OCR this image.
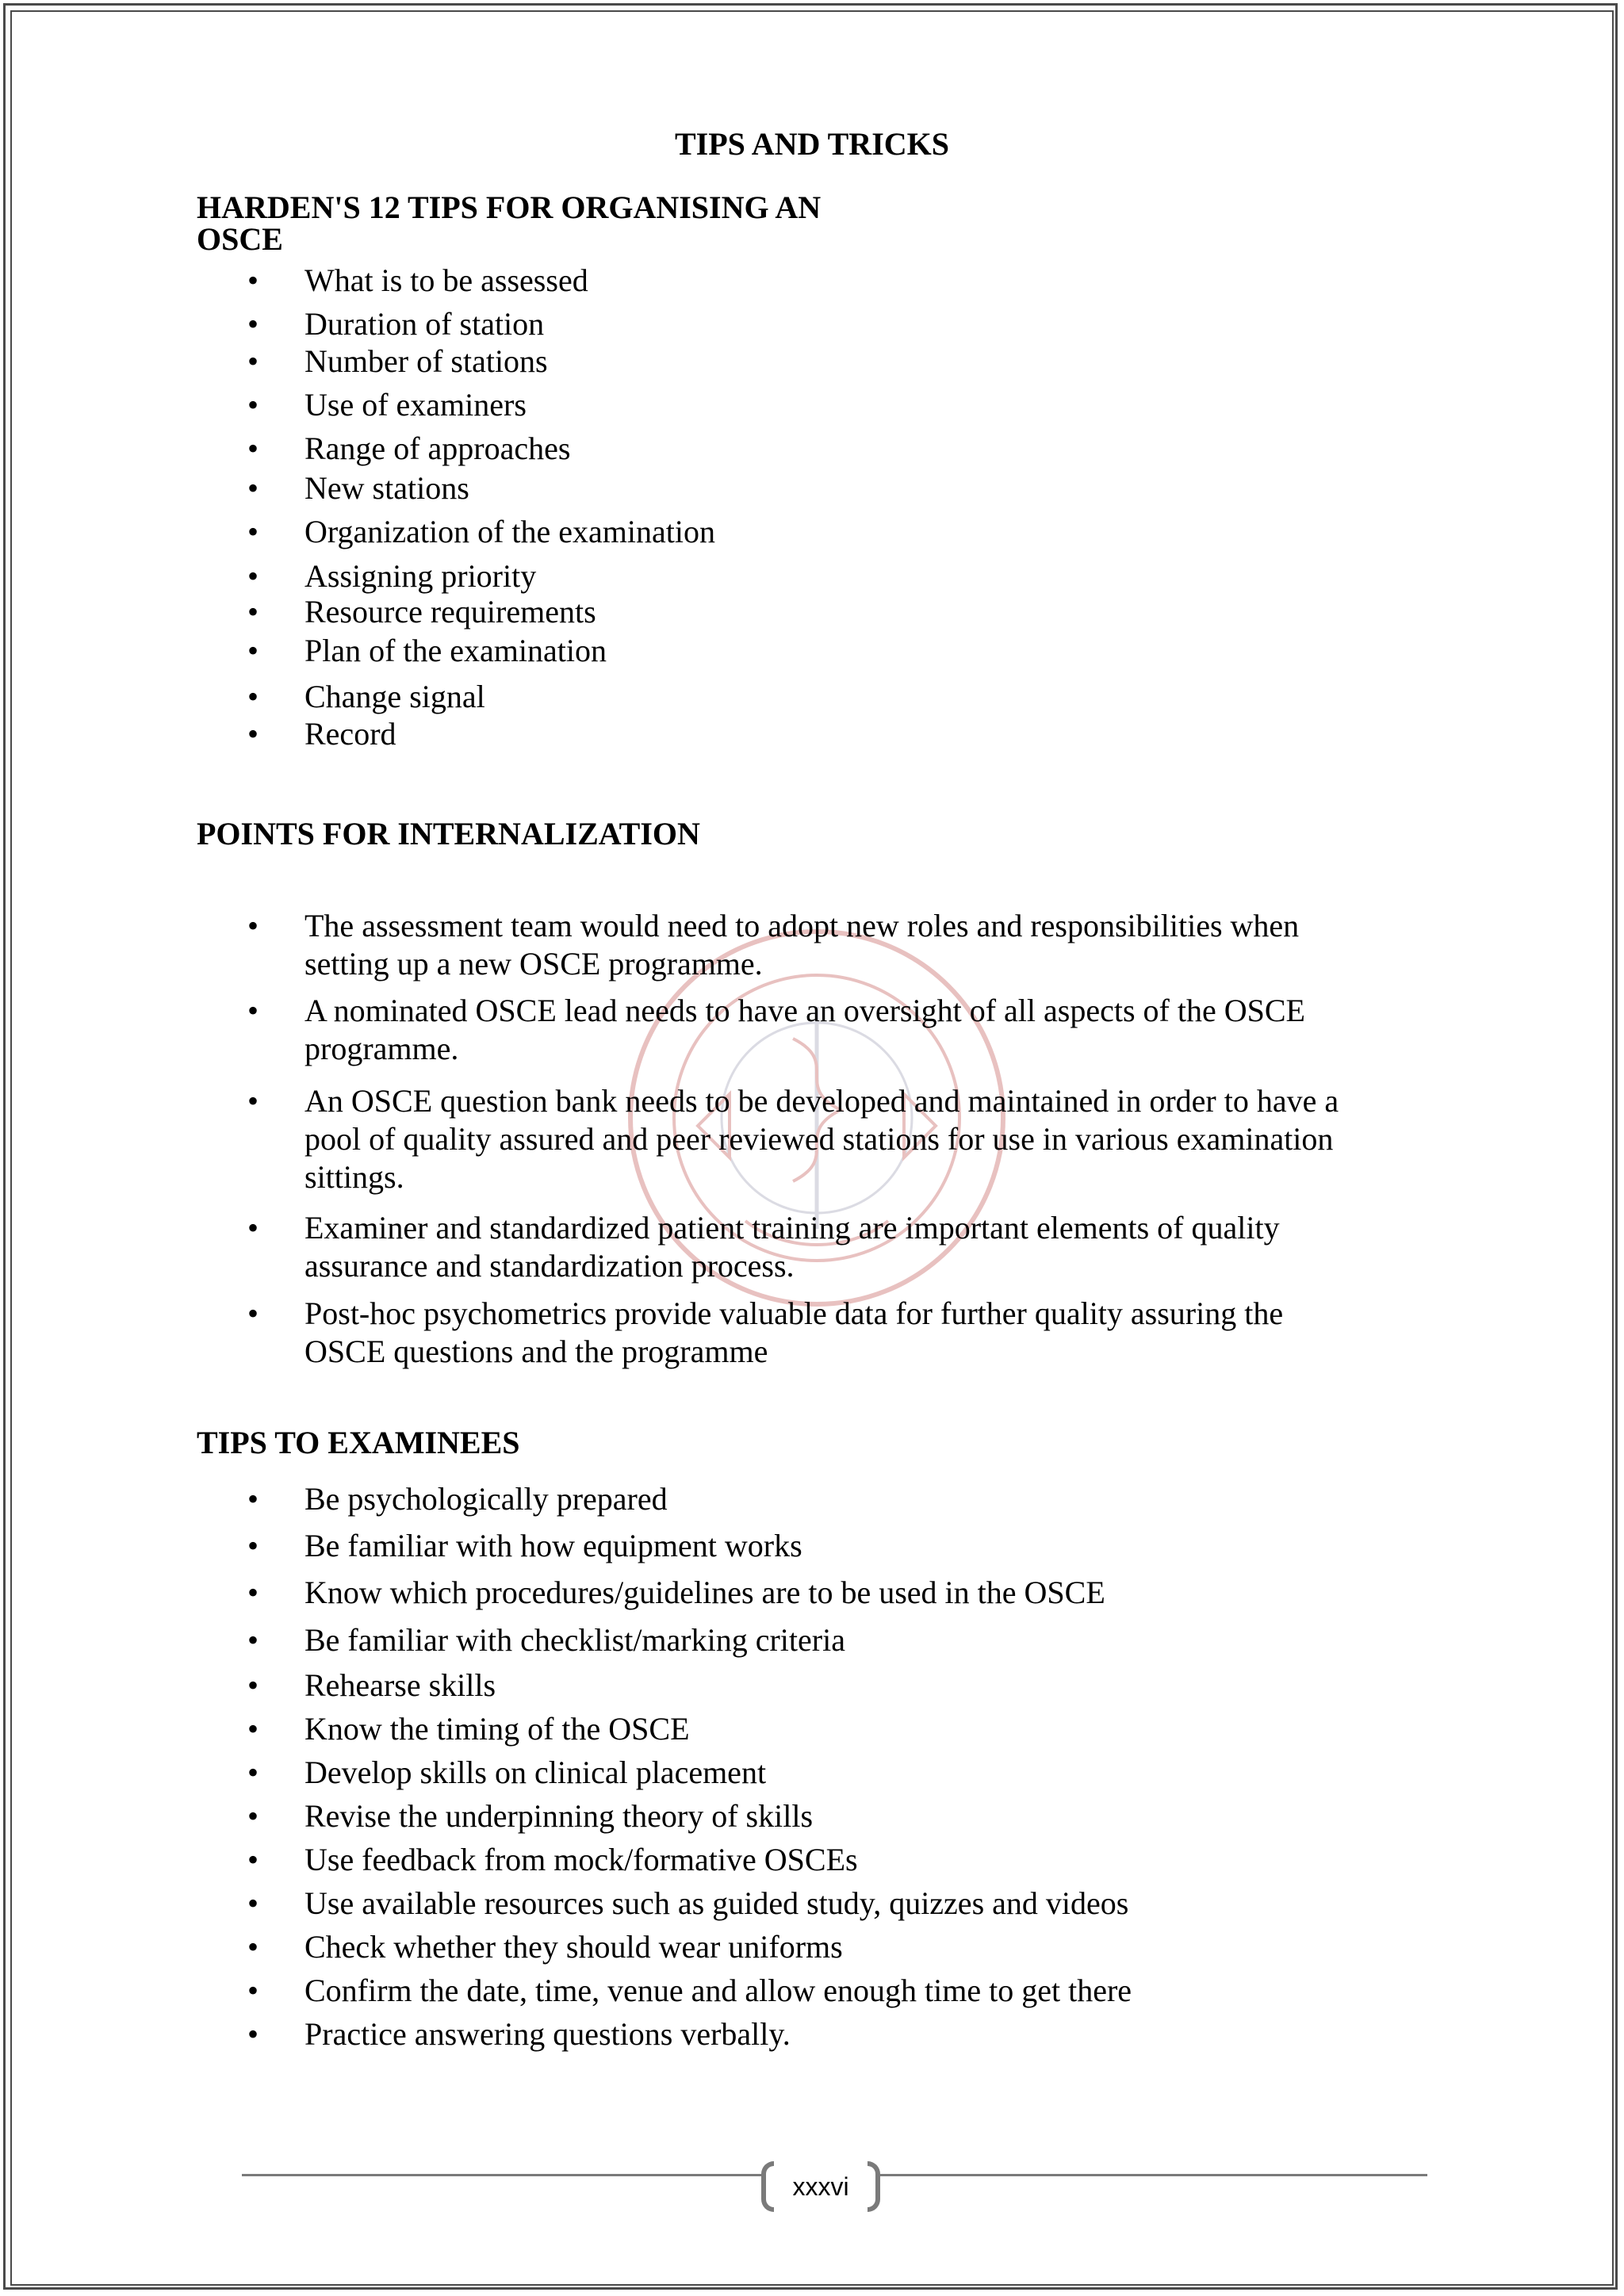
TIPS AND TRICKS
HARDEN'S 12 TIPS FOR ORGANISING AN
OSCE
•	What is to be assessed
•	Duration of station
•	Number of stations
•	Use of examiners
•	Range of approaches
•	New stations
•	Organization of the examination
•	Assigning priority
•	Resource requirements
•	Plan of the examination
•	Change signal
•	Record
POINTS FOR INTERNALIZATION
•	The assessment team would need to adopt new roles and responsibilities when
setting up a new OSCE programme.
•	A nominated OSCE lead needs to have an oversight of all aspects of the OSCE
programme.
•	An OSCE question bank needs to be developed and maintained in order to have a
pool of quality assured and peer reviewed stations for use in various examination
sittings.
•	Examiner and standardized patient training are important elements of quality
assurance and standardization process.
•	Post-hoc psychometrics provide valuable data for further quality assuring the
OSCE questions and the programme
TIPS TO EXAMINEES
•	Be psychologically prepared
•	Be familiar with how equipment works
•	Know which procedures/guidelines are to be used in the OSCE
•	Be familiar with checklist/marking criteria
•	Rehearse skills
•	Know the timing of the OSCE
•	Develop skills on clinical placement
•	Revise the underpinning theory of skills
•	Use feedback from mock/formative OSCEs
•	Use available resources such as guided study, quizzes and videos
•	Check whether they should wear uniforms
•	Confirm the date, time, venue and allow enough time to get there
•	Practice answering questions verbally.
xxxvi
